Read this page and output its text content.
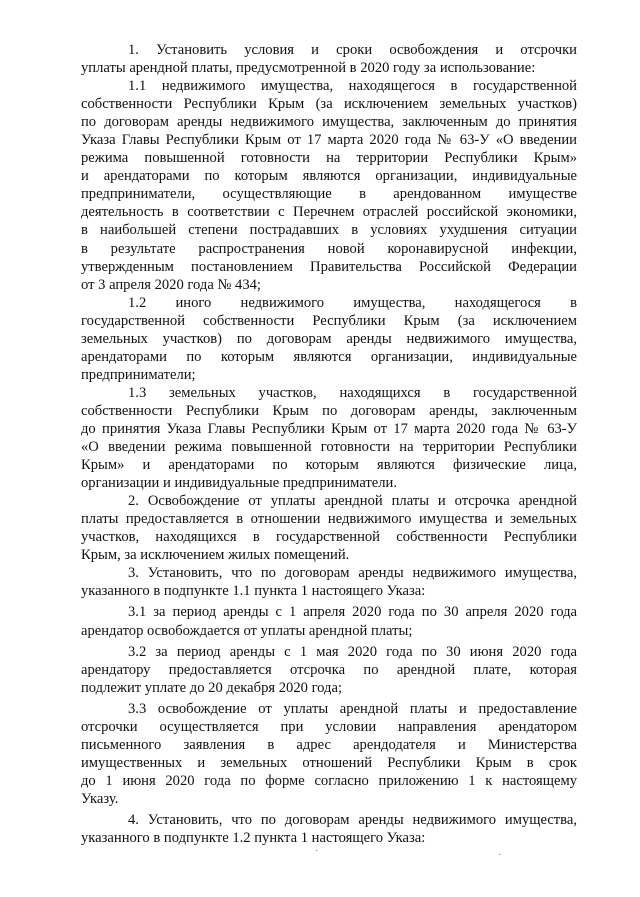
1. Установить условия и сроки освобождения и отсрочки
уплаты арендной платы, предусмотренной в 2020 году за использование:
1.1 недвижимого имущества, находящегося в государственной
собственности Республики Крым (за исключением земельных участков)
по договорам аренды недвижимого имущества, заключенным до принятия
Указа Главы Республики Крым от 17 марта 2020 года № 63-У «О введении
режима повышенной готовности на территории Республики Крым»
и арендаторами по которым являются организации, индивидуальные
предприниматели, осуществляющие в арендованном имуществе
деятельность в соответствии с Перечнем отраслей российской экономики,
в наибольшей степени пострадавших в условиях ухудшения ситуации
в результате распространения новой коронавирусной инфекции,
утвержденным постановлением Правительства Российской Федерации
от 3 апреля 2020 года № 434;
1.2 иного недвижимого имущества, находящегося в
государственной собственности Республики Крым (за исключением
земельных участков) по договорам аренды недвижимого имущества,
арендаторами по которым являются организации, индивидуальные
предприниматели;
1.3 земельных участков, находящихся в государственной
собственности Республики Крым по договорам аренды, заключенным
до принятия Указа Главы Республики Крым от 17 марта 2020 года № 63-У
«О введении режима повышенной готовности на территории Республики
Крым» и арендаторами по которым являются физические лица,
организации и индивидуальные предприниматели.
2. Освобождение от уплаты арендной платы и отсрочка арендной
платы предоставляется в отношении недвижимого имущества и земельных
участков, находящихся в государственной собственности Республики
Крым, за исключением жилых помещений.
3. Установить, что по договорам аренды недвижимого имущества,
указанного в подпункте 1.1 пункта 1 настоящего Указа:
3.1 за период аренды с 1 апреля 2020 года по 30 апреля 2020 года
арендатор освобождается от уплаты арендной платы;
3.2 за период аренды с 1 мая 2020 года по 30 июня 2020 года
арендатору предоставляется отсрочка по арендной плате, которая
подлежит уплате до 20 декабря 2020 года;
3.3 освобождение от уплаты арендной платы и предоставление
отсрочки осуществляется при условии направления арендатором
письменного заявления в адрес арендодателя и Министерства
имущественных и земельных отношений Республики Крым в срок
до 1 июня 2020 года по форме согласно приложению 1 к настоящему
Указу.
4. Установить, что по договорам аренды недвижимого имущества,
указанного в подпункте 1.2 пункта 1 настоящего Указа:
·	·
